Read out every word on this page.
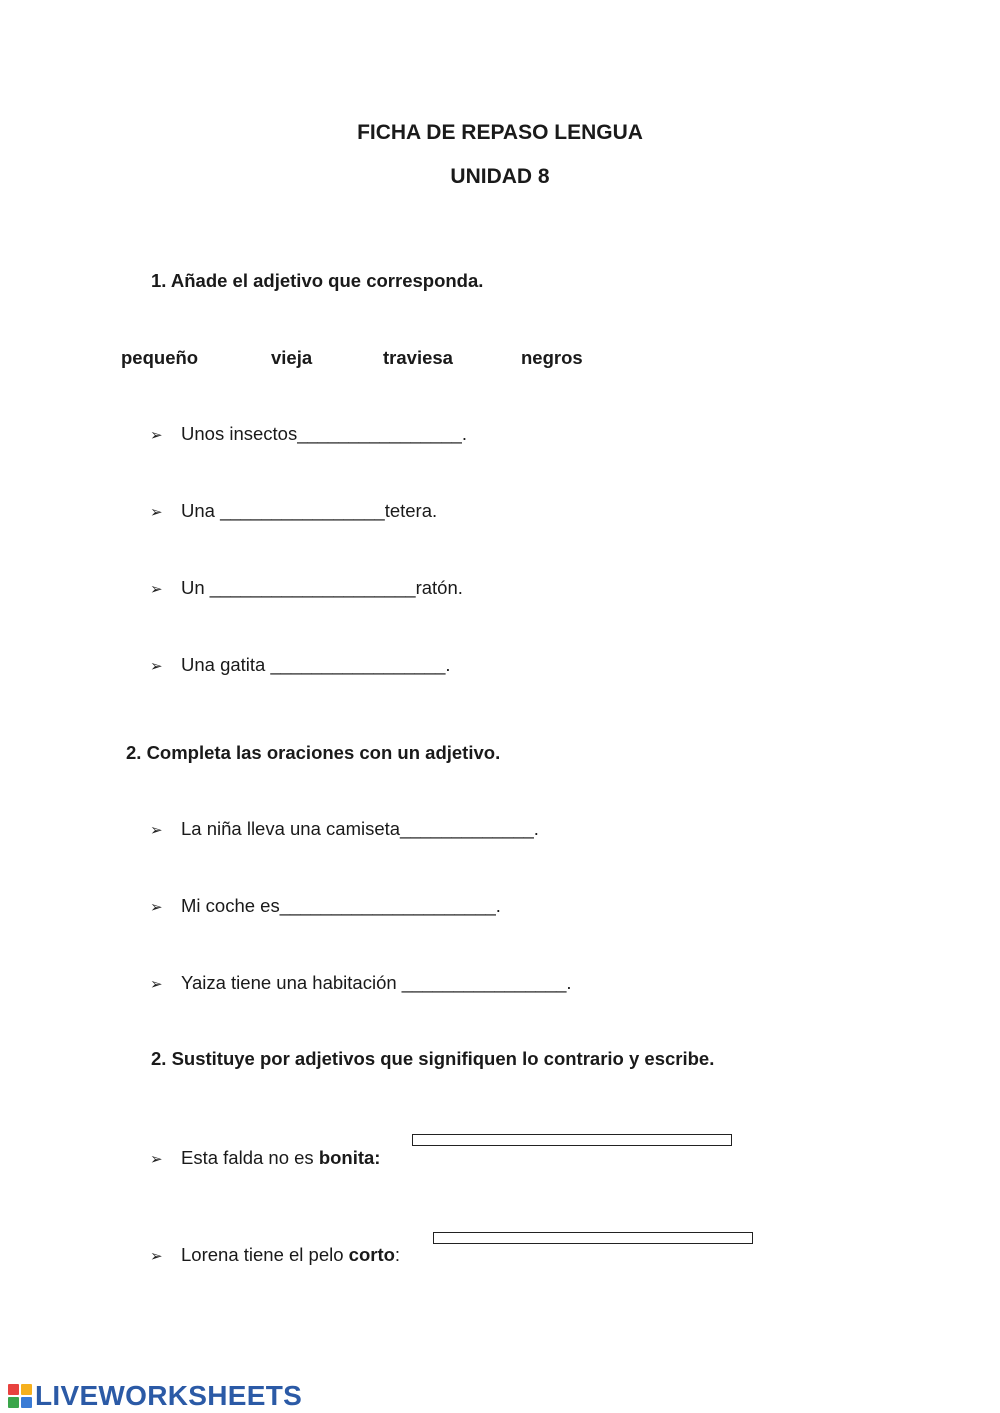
FICHA DE REPASO LENGUA
UNIDAD 8
1. Añade el adjetivo que corresponda.
pequeño	vieja	traviesa	negros
➢ Unos insectos________________.
➢ Una ________________tetera.
➢ Un ____________________ratón.
➢ Una gatita _________________.
2. Completa las oraciones con un adjetivo.
➢ La niña lleva una camiseta_____________.
➢ Mi coche es_____________________.
➢ Yaiza tiene una habitación ________________.
2. Sustituye por adjetivos que signifiquen lo contrario y escribe.
➢ Esta falda no es bonita:
➢ Lorena tiene el pelo corto :
LIVEWORKSHEETS
